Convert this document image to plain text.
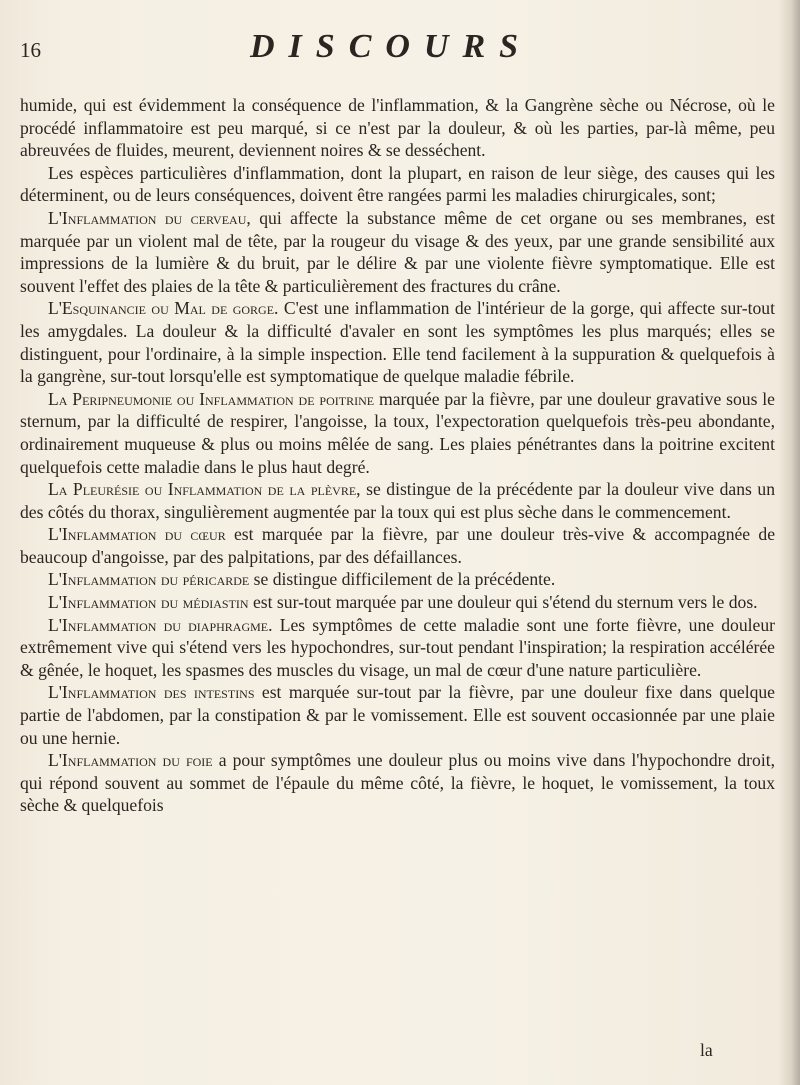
16	DISCOURS

humide, qui est évidemment la conséquence de l'inflammation, & la Gangrène sèche ou Nécrose, où le procédé inflammatoire est peu marqué, si ce n'est par la douleur, & où les parties, par-là même, peu abreuvées de fluides, meurent, deviennent noires & se desséchent.

Les espèces particulières d'inflammation, dont la plupart, en raison de leur siège, des causes qui les déterminent, ou de leurs conséquences, doivent être rangées parmi les maladies chirurgicales, sont;

L'Inflammation du cerveau, qui affecte la substance même de cet organe ou ses membranes, est marquée par un violent mal de tête, par la rougeur du visage & des yeux, par une grande sensibilité aux impressions de la lumière & du bruit, par le délire & par une violente fièvre symptomatique. Elle est souvent l'effet des plaies de la tête & particulièrement des fractures du crâne.

L'Esquinancie ou Mal de gorge. C'est une inflammation de l'intérieur de la gorge, qui affecte sur-tout les amygdales. La douleur & la difficulté d'avaler en sont les symptômes les plus marqués; elles se distinguent, pour l'ordinaire, à la simple inspection. Elle tend facilement à la suppuration & quelquefois à la gangrène, sur-tout lorsqu'elle est symptomatique de quelque maladie fébrile.

La Peripneumonie ou Inflammation de poitrine marquée par la fièvre, par une douleur gravative sous le sternum, par la difficulté de respirer, l'angoisse, la toux, l'expectoration quelquefois très-peu abondante, ordinairement muqueuse & plus ou moins mêlée de sang. Les plaies pénétrantes dans la poitrine excitent quelquefois cette maladie dans le plus haut degré.

La Pleurésie ou Inflammation de la plèvre, se distingue de la précédente par la douleur vive dans un des côtés du thorax, singulièrement augmentée par la toux qui est plus sèche dans le commencement.

L'Inflammation du cœur est marquée par la fièvre, par une douleur très-vive & accompagnée de beaucoup d'angoisse, par des palpitations, par des défaillances.

L'Inflammation du péricarde se distingue difficilement de la précédente.

L'Inflammation du médiastin est sur-tout marquée par une douleur qui s'étend du sternum vers le dos.

L'Inflammation du diaphragme. Les symptômes de cette maladie sont une forte fièvre, une douleur extrêmement vive qui s'étend vers les hypochondres, sur-tout pendant l'inspiration; la respiration accélérée & gênée, le hoquet, les spasmes des muscles du visage, un mal de cœur d'une nature particulière.

L'Inflammation des intestins est marquée sur-tout par la fièvre, par une douleur fixe dans quelque partie de l'abdomen, par la constipation & par le vomissement. Elle est souvent occasionnée par une plaie ou une hernie.

L'Inflammation du foie a pour symptômes une douleur plus ou moins vive dans l'hypochondre droit, qui répond souvent au sommet de l'épaule du même côté, la fièvre, le hoquet, le vomissement, la toux sèche & quelquefois

la
